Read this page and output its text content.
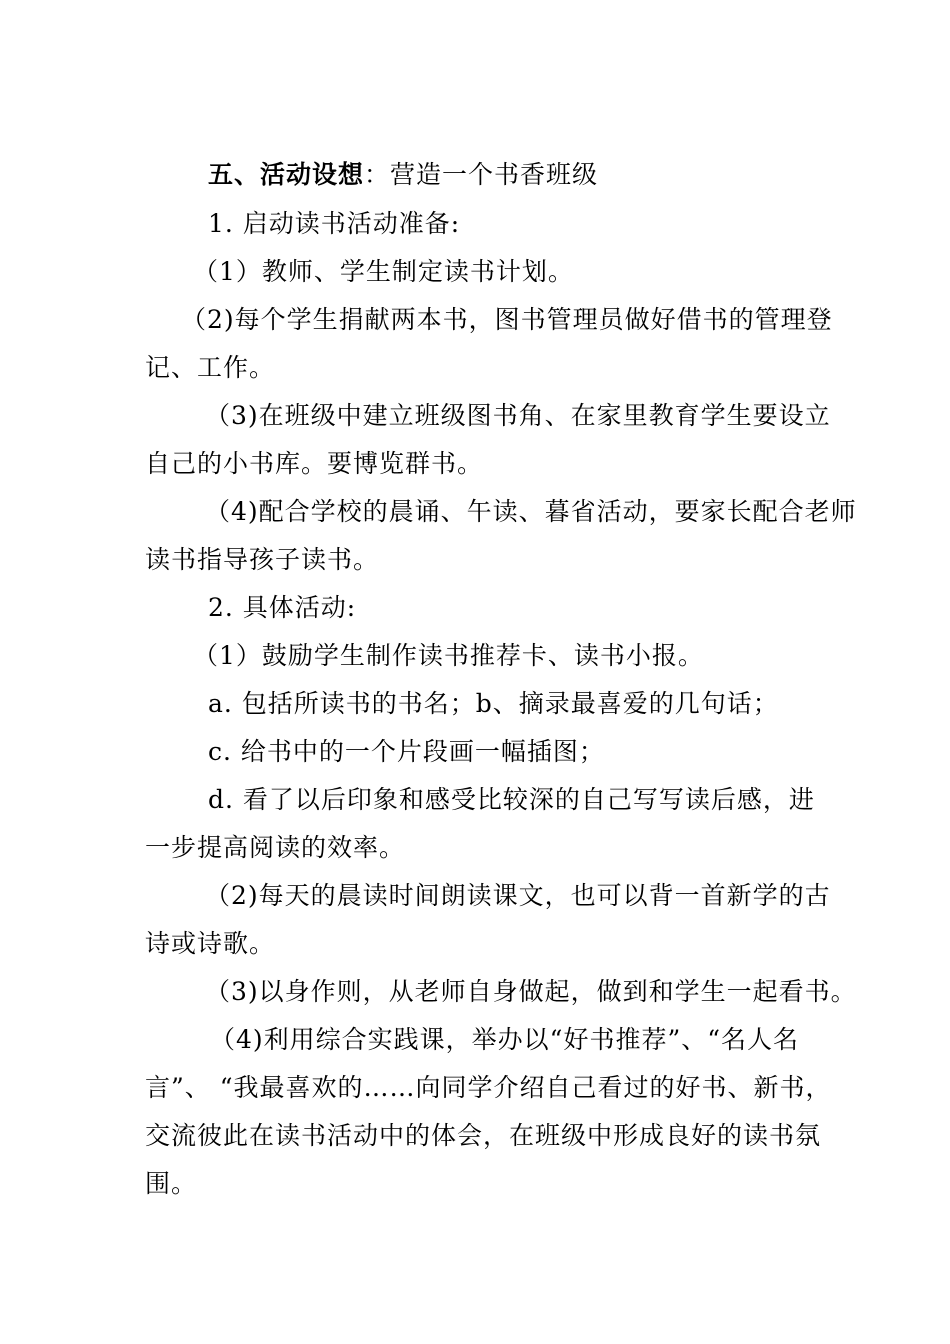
五、活动设想：营造一个书香班级
1. 启动读书活动准备:
（1）教师、学生制定读书计划。
（2)每个学生捐献两本书，图书管理员做好借书的管理登
记、工作。
（3)在班级中建立班级图书角、在家里教育学生要设立
自己的小书库。要博览群书。
（4)配合学校的晨诵、午读、暮省活动，要家长配合老师
读书指导孩子读书。
2. 具体活动:
（1）鼓励学生制作读书推荐卡、读书小报。
a. 包括所读书的书名；b、摘录最喜爱的几句话；
c. 给书中的一个片段画一幅插图；
d. 看了以后印象和感受比较深的自己写写读后感，进
一步提高阅读的效率。
（2)每天的晨读时间朗读课文，也可以背一首新学的古
诗或诗歌。
（3)以身作则，从老师自身做起，做到和学生一起看书。
（4)利用综合实践课，举办以“好书推荐”、“名人名
言”、 “我最喜欢的……向同学介绍自己看过的好书、新书，
交流彼此在读书活动中的体会，在班级中形成良好的读书氛
围。
